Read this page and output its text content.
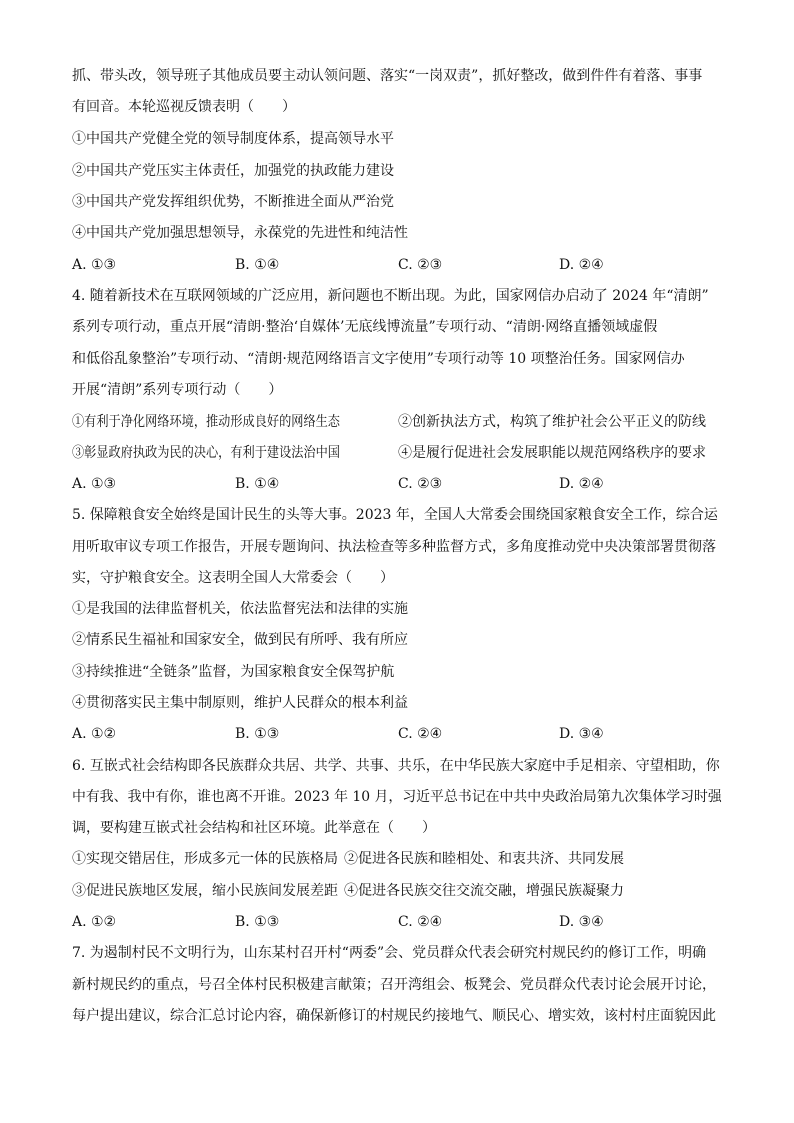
抓、带头改，领导班子其他成员要主动认领问题、落实“一岗双责”，抓好整改，做到件件有着落、事事
有回音。本轮巡视反馈表明（　　）
①中国共产党健全党的领导制度体系，提高领导水平
②中国共产党压实主体责任，加强党的执政能力建设
③中国共产党发挥组织优势，不断推进全面从严治党
④中国共产党加强思想领导，永葆党的先进性和纯洁性
A. ①③	B. ①④	C. ②③	D. ②④
4. 随着新技术在互联网领域的广泛应用，新问题也不断出现。为此，国家网信办启动了 2024 年“清朗”
系列专项行动，重点开展“清朗·整治‘自媒体’无底线博流量”专项行动、“清朗·网络直播领域虚假
和低俗乱象整治”专项行动、“清朗·规范网络语言文字使用”专项行动等 10 项整治任务。国家网信办
开展“清朗”系列专项行动（　　）
①有利于净化网络环境，推动形成良好的网络生态	②创新执法方式，构筑了维护社会公平正义的防线
③彰显政府执政为民的决心，有利于建设法治中国	④是履行促进社会发展职能以规范网络秩序的要求
A. ①③	B. ①④	C. ②③	D. ②④
5. 保障粮食安全始终是国计民生的头等大事。2023 年，全国人大常委会围绕国家粮食安全工作，综合运
用听取审议专项工作报告，开展专题询问、执法检查等多种监督方式，多角度推动党中央决策部署贯彻落
实，守护粮食安全。这表明全国人大常委会（　　）
①是我国的法律监督机关，依法监督宪法和法律的实施
②情系民生福祉和国家安全，做到民有所呼、我有所应
③持续推进“全链条”监督，为国家粮食安全保驾护航
④贯彻落实民主集中制原则，维护人民群众的根本利益
A. ①②	B. ①③	C. ②④	D. ③④
6. 互嵌式社会结构即各民族群众共居、共学、共事、共乐，在中华民族大家庭中手足相亲、守望相助，你
中有我、我中有你，谁也离不开谁。2023 年 10 月，习近平总书记在中共中央政治局第九次集体学习时强
调，要构建互嵌式社会结构和社区环境。此举意在（　　）
①实现交错居住，形成多元一体的民族格局 ②促进各民族和睦相处、和衷共济、共同发展
③促进民族地区发展，缩小民族间发展差距 ④促进各民族交往交流交融，增强民族凝聚力
A. ①②	B. ①③	C. ②④	D. ③④
7. 为遏制村民不文明行为，山东某村召开村“两委”会、党员群众代表会研究村规民约的修订工作，明确
新村规民约的重点，号召全体村民积极建言献策；召开湾组会、板凳会、党员群众代表讨论会展开讨论，
每户提出建议，综合汇总讨论内容，确保新修订的村规民约接地气、顺民心、增实效，该村村庄面貌因此
